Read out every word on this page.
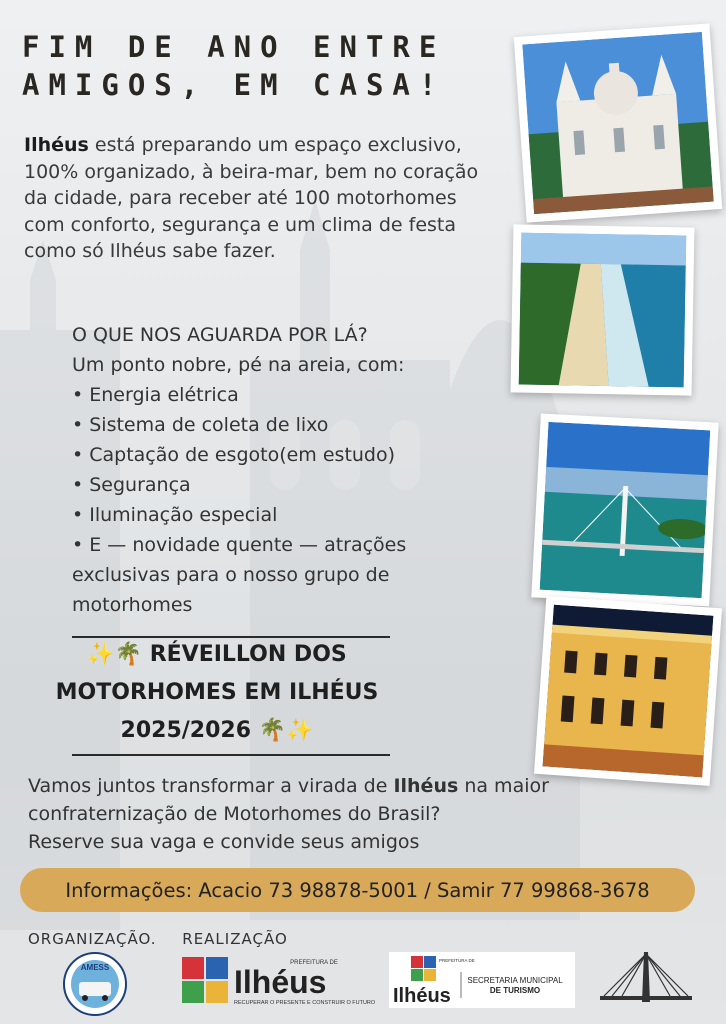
FIM DE ANO ENTRE AMIGOS, EM CASA!
Ilhéus está preparando um espaço exclusivo, 100% organizado, à beira-mar, bem no coração da cidade, para receber até 100 motorhomes com conforto, segurança e um clima de festa como só Ilhéus sabe fazer.
O QUE NOS AGUARDA POR LÁ?
Um ponto nobre, pé na areia, com:
• Energia elétrica
• Sistema de coleta de lixo
• Captação de esgoto(em estudo)
• Segurança
• Iluminação especial
• E — novidade quente — atrações exclusivas para o nosso grupo de motorhomes
✨🌴 RÉVEILLON DOS
MOTORHOMES EM ILHÉUS
2025/2026 🌴✨
Vamos juntos transformar a virada de Ilhéus na maior confraternização de Motorhomes do Brasil?
Reserve sua vaga e convide seus amigos
Informações: Acacio 73 98878-5001 / Samir 77 99868-3678
ORGANIZAÇÃO. REALIZAÇÃO
AMESS	PREFEITURA DE
Ilhéus
RECUPERAR O PRESENTE E CONSTRUIR O FUTURO
PREFEITURA DE
Ilhéus
SECRETARIA MUNICIPAL
DE TURISMO
